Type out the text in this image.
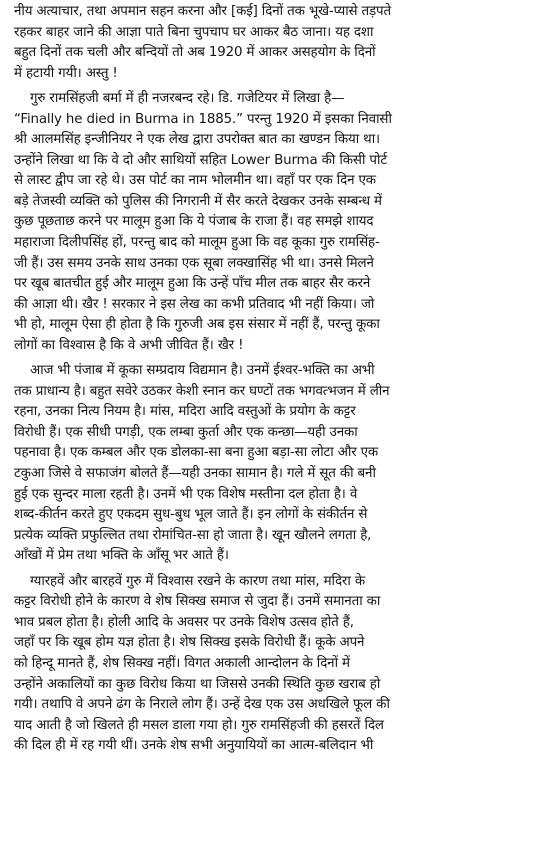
नीय अत्याचार, तथा अपमान सहन करना और [कई] दिनों तक भूखे-प्यासे तड़पते
रहकर बाहर जाने की आज्ञा पाते बिना चुपचाप घर आकर बैठ जाना। यह दशा
बहुत दिनों तक चली और बन्दियों तो अब 1920 में आकर असहयोग के दिनों
में हटायी गयी। अस्तु !
गुरु रामसिंहजी बर्मा में ही नजरबन्द रहे। डि. गजेटियर में लिखा है—
“Finally he died in Burma in 1885.” परन्तु 1920 में इसका निवासी
श्री आलमसिंह इन्जीनियर ने एक लेख द्वारा उपरोक्त बात का खण्डन किया था।
उन्होंने लिखा था कि वे दो और साथियों सहित Lower Burma की किसी पोर्ट
से लास्ट द्वीप जा रहे थे। उस पोर्ट का नाम भोलमीन था। वहाँ पर एक दिन एक
बड़े तेजस्वी व्यक्ति को पुलिस की निगरानी में सैर करते देखकर उनके सम्बन्ध में
कुछ पूछताछ करने पर मालूम हुआ कि ये पंजाब के राजा हैं। वह समझे शायद
महाराजा दिलीपसिंह हों, परन्तु बाद को मालूम हुआ कि वह कूका गुरु रामसिंह-
जी हैं। उस समय उनके साथ उनका एक सूबा लक्खासिंह भी था। उनसे मिलने
पर खूब बातचीत हुई और मालूम हुआ कि उन्हें पाँच मील तक बाहर सैर करने
की आज्ञा थी। खैर ! सरकार ने इस लेख का कभी प्रतिवाद भी नहीं किया। जो
भी हो, मालूम ऐसा ही होता है कि गुरुजी अब इस संसार में नहीं हैं, परन्तु कूका
लोगों का विश्वास है कि वे अभी जीवित हैं। खैर !
आज भी पंजाब में कूका सम्प्रदाय विद्यमान है। उनमें ईश्वर-भक्ति का अभी
तक प्राधान्य है। बहुत सवेरे उठकर केशी स्नान कर घण्टों तक भगवत्भजन में लीन
रहना, उनका नित्य नियम है। मांस, मदिरा आदि वस्तुओं के प्रयोग के कट्टर
विरोधी हैं। एक सीधी पगड़ी, एक लम्बा कुर्ता और एक कन्छा—यही उनका
पहनावा है। एक कम्बल और एक डोलका-सा बना हुआ बड़ा-सा लोटा और एक
टकुआ जिसे वे सफाजंग बोलते हैं—यही उनका सामान है। गले में सूत की बनी
हुई एक सुन्दर माला रहती है। उनमें भी एक विशेष मस्तीना दल होता है। वे
शब्द-कीर्तन करते हुए एकदम सुध-बुध भूल जाते हैं। इन लोगों के संकीर्तन से
प्रत्येक व्यक्ति प्रफुल्लित तथा रोमांचित-सा हो जाता है। खून खौलने लगता है,
आँखों में प्रेम तथा भक्ति के आँसू भर आते हैं।
ग्यारहवें और बारहवें गुरु में विश्वास रखने के कारण तथा मांस, मदिरा के
कट्टर विरोधी होने के कारण वे शेष सिक्ख समाज से जुदा हैं। उनमें समानता का
भाव प्रबल होता है। होली आदि के अवसर पर उनके विशेष उत्सव होते हैं,
जहाँ पर कि खूब होम यज्ञ होता है। शेष सिक्ख इसके विरोधी हैं। कूके अपने
को हिन्दू मानते हैं, शेष सिक्ख नहीं। विगत अकाली आन्दोलन के दिनों में
उन्होंने अकालियों का कुछ विरोध किया था जिससे उनकी स्थिति कुछ खराब हो
गयी। तथापि वे अपने ढंग के निराले लोग हैं। उन्हें देख एक उस अधखिले फूल की
याद आती है जो खिलते ही मसल डाला गया हो। गुरु रामसिंहजी की हसरतें दिल
की दिल ही में रह गयी थीं। उनके शेष सभी अनुयायियों का आत्म-बलिदान भी
